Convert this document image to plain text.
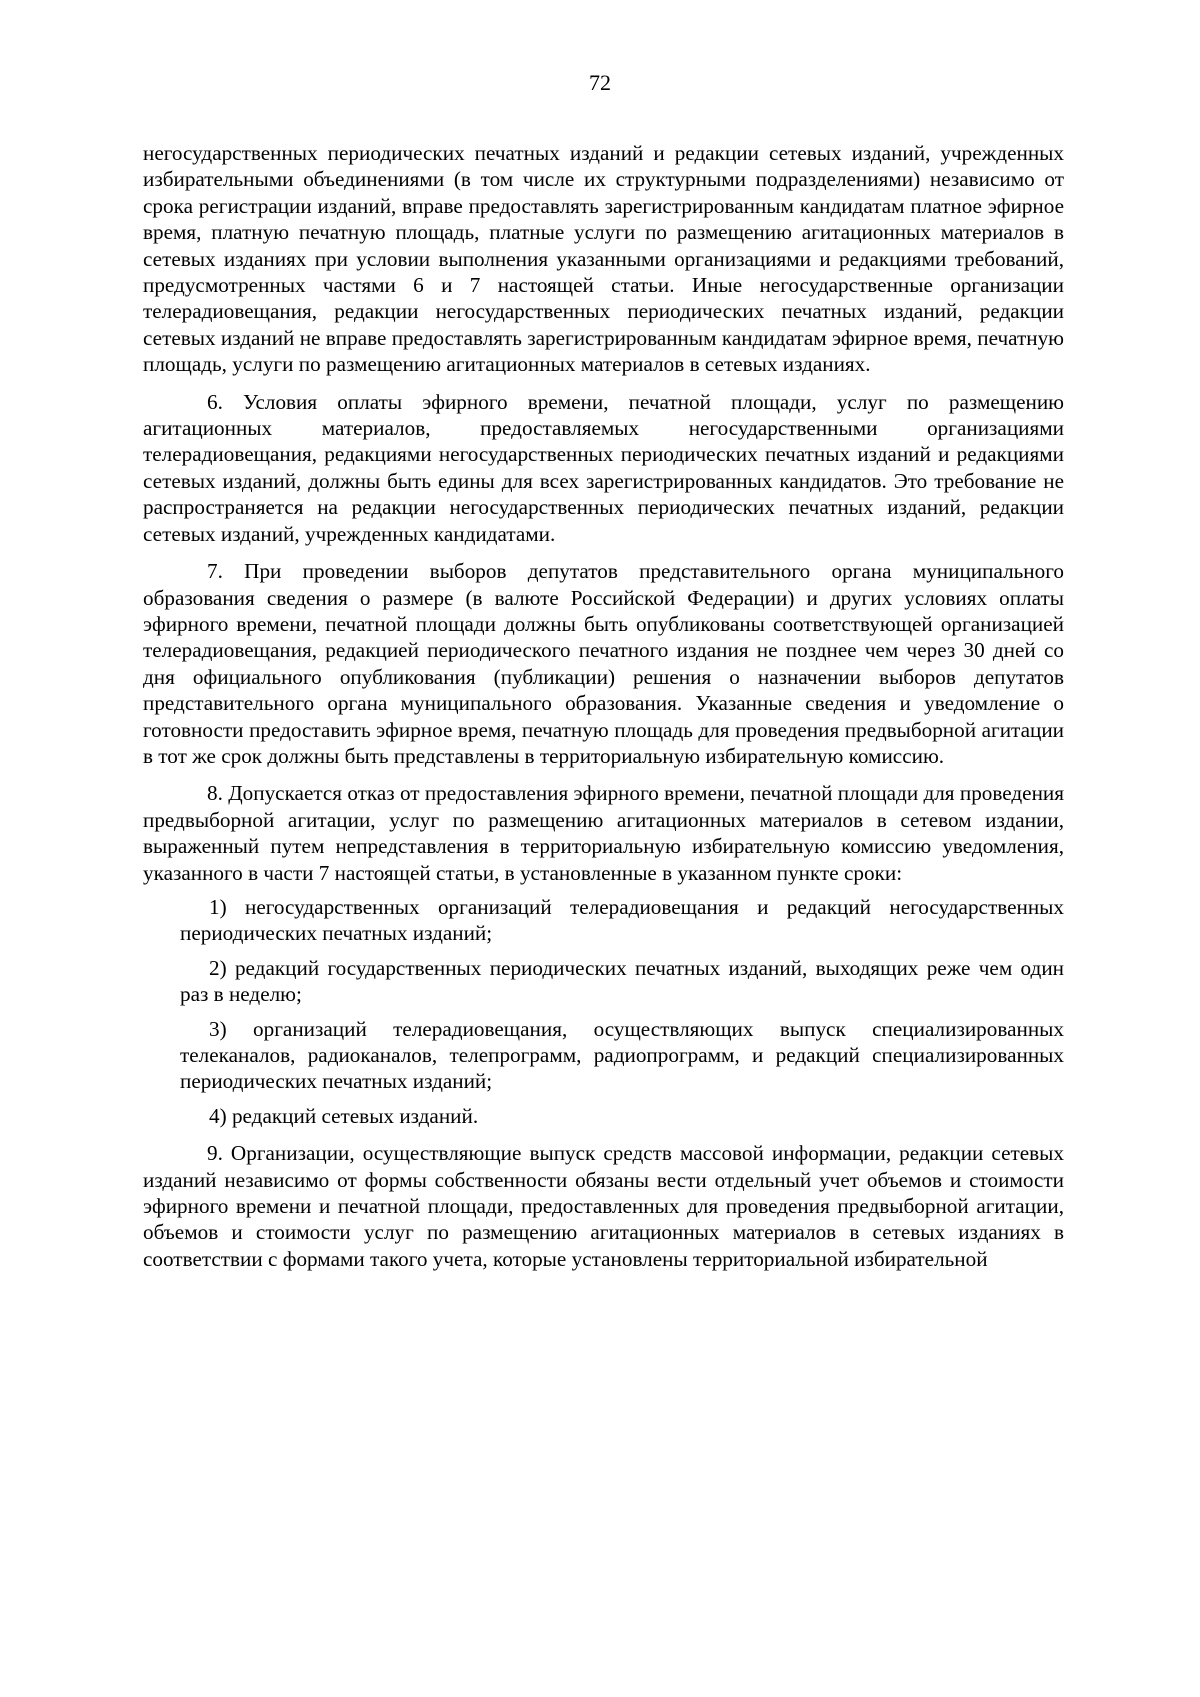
72

негосударственных периодических печатных изданий и редакции сетевых изданий, учрежденных избирательными объединениями (в том числе их структурными подразделениями) независимо от срока регистрации изданий, вправе предоставлять зарегистрированным кандидатам платное эфирное время, платную печатную площадь, платные услуги по размещению агитационных материалов в сетевых изданиях при условии выполнения указанными организациями и редакциями требований, предусмотренных частями 6 и 7 настоящей статьи. Иные негосударственные организации телерадиовещания, редакции негосударственных периодических печатных изданий, редакции сетевых изданий не вправе предоставлять зарегистрированным кандидатам эфирное время, печатную площадь, услуги по размещению агитационных материалов в сетевых изданиях.

6. Условия оплаты эфирного времени, печатной площади, услуг по размещению агитационных материалов, предоставляемых негосударственными организациями телерадиовещания, редакциями негосударственных периодических печатных изданий и редакциями сетевых изданий, должны быть едины для всех зарегистрированных кандидатов. Это требование не распространяется на редакции негосударственных периодических печатных изданий, редакции сетевых изданий, учрежденных кандидатами.

7. При проведении выборов депутатов представительного органа муниципального образования сведения о размере (в валюте Российской Федерации) и других условиях оплаты эфирного времени, печатной площади должны быть опубликованы соответствующей организацией телерадиовещания, редакцией периодического печатного издания не позднее чем через 30 дней со дня официального опубликования (публикации) решения о назначении выборов депутатов представительного органа муниципального образования. Указанные сведения и уведомление о готовности предоставить эфирное время, печатную площадь для проведения предвыборной агитации в тот же срок должны быть представлены в территориальную избирательную комиссию.

8. Допускается отказ от предоставления эфирного времени, печатной площади для проведения предвыборной агитации, услуг по размещению агитационных материалов в сетевом издании, выраженный путем непредставления в территориальную избирательную комиссию уведомления, указанного в части 7 настоящей статьи, в установленные в указанном пункте сроки:

1) негосударственных организаций телерадиовещания и редакций негосударственных периодических печатных изданий;

2) редакций государственных периодических печатных изданий, выходящих реже чем один раз в неделю;

3) организаций телерадиовещания, осуществляющих выпуск специализированных телеканалов, радиоканалов, телепрограмм, радиопрограмм, и редакций специализированных периодических печатных изданий;

4) редакций сетевых изданий.

9. Организации, осуществляющие выпуск средств массовой информации, редакции сетевых изданий независимо от формы собственности обязаны вести отдельный учет объемов и стоимости эфирного времени и печатной площади, предоставленных для проведения предвыборной агитации, объемов и стоимости услуг по размещению агитационных материалов в сетевых изданиях в соответствии с формами такого учета, которые установлены территориальной избирательной
